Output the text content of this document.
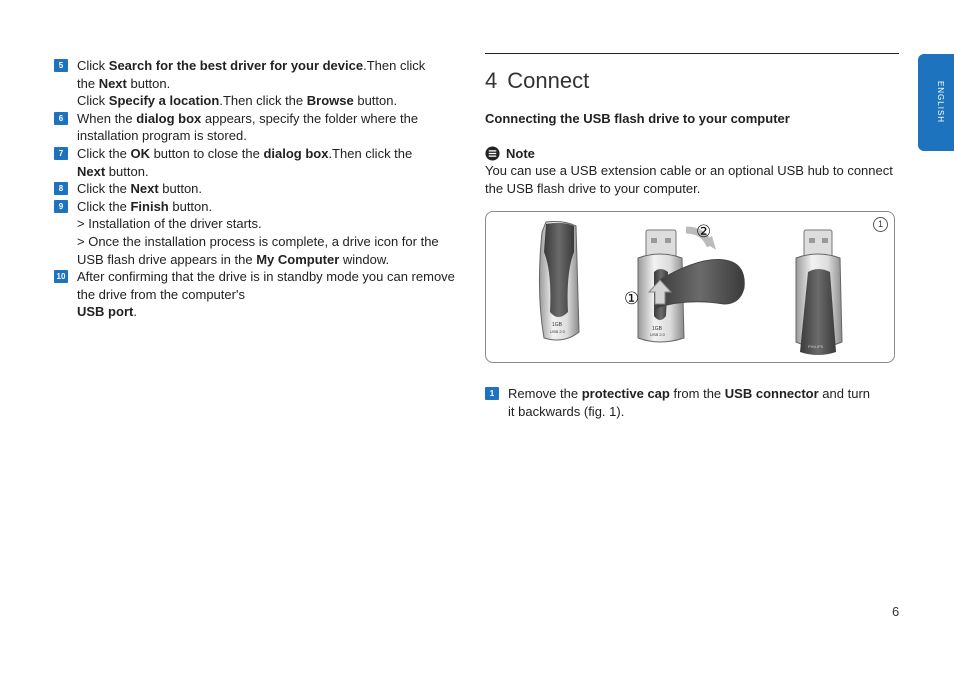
5	Click Search for the best driver for your device.Then click
the Next button.
Click Specify a location.Then click the Browse button.
6	When the dialog box appears, specify the folder where the
installation program is stored.
7	Click the OK button to close the dialog box.Then click the
Next button.
8	Click the Next button.
9	Click the Finish button.
> Installation of the driver starts.
> Once the installation process is complete, a drive icon for the
USB flash drive appears in the My Computer window.
10 After confirming that the drive is in standby mode you can remove
the drive from the computer's
USB port.
4 Connect
Connecting the USB flash drive to your computer
Note
You can use a USB extension cable or an optional USB hub to connect
the USB flash drive to your computer.
1
1GB
USB 2.0	1GB
USB 2.0
①
②
PHILIPS
1	Remove the protective cap from the USB connector and turn
it backwards (fig. 1).
ENGLISH
6
